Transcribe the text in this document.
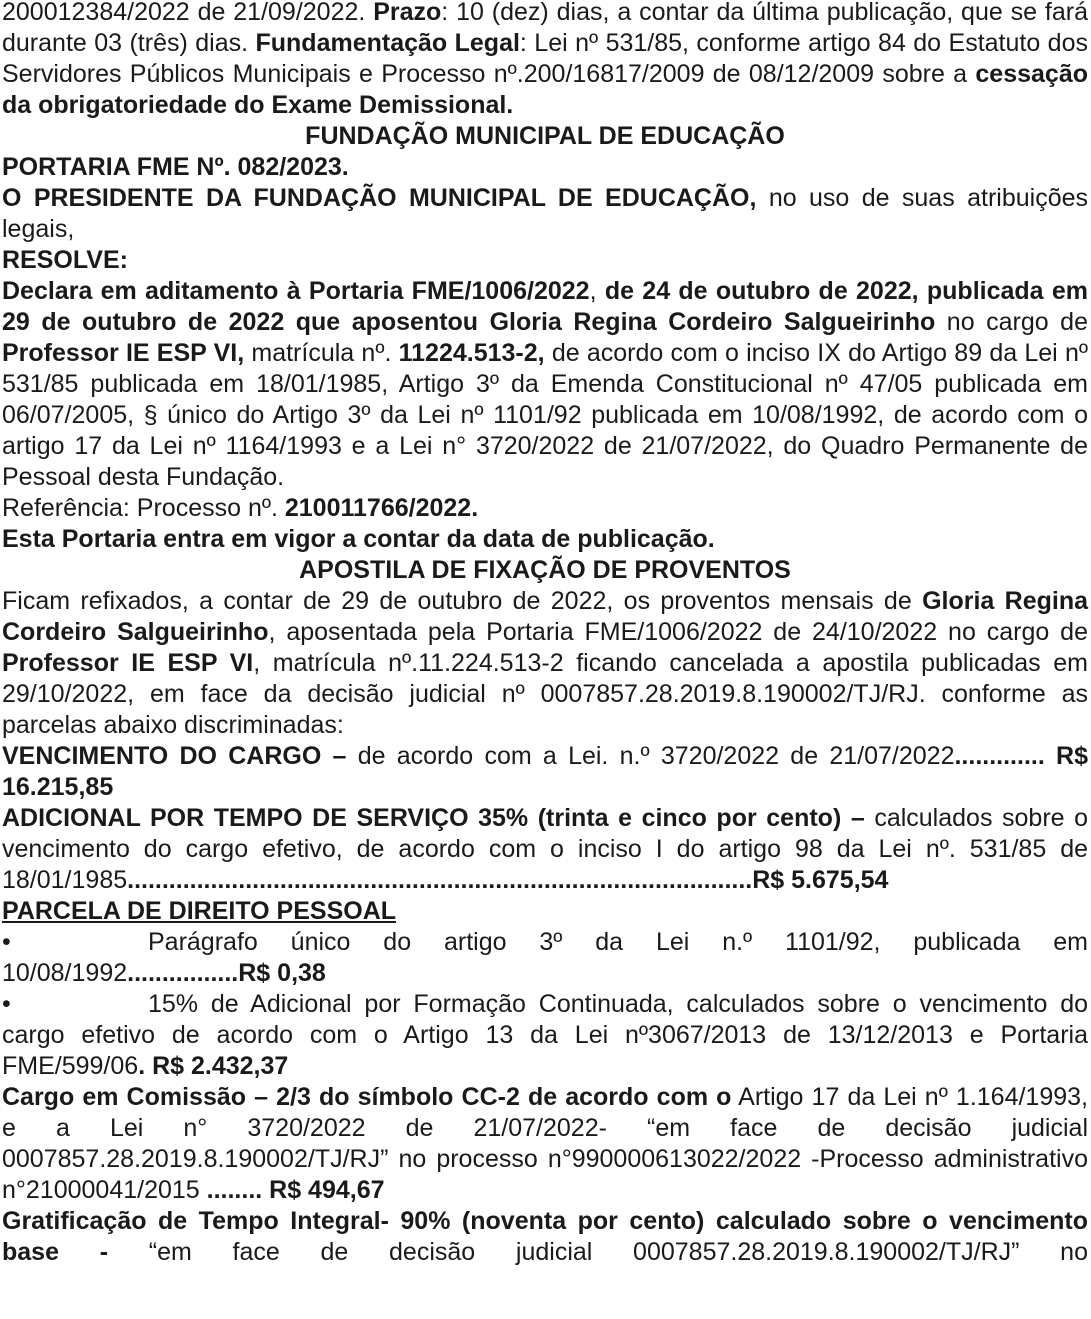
200012384/2022 de 21/09/2022. Prazo: 10 (dez) dias, a contar da última publicação, que se fará durante 03 (três) dias. Fundamentação Legal: Lei nº 531/85, conforme artigo 84 do Estatuto dos Servidores Públicos Municipais e Processo nº.200/16817/2009 de 08/12/2009 sobre a cessação da obrigatoriedade do Exame Demissional.

FUNDAÇÃO MUNICIPAL DE EDUCAÇÃO

PORTARIA FME Nº. 082/2023.

O PRESIDENTE DA FUNDAÇÃO MUNICIPAL DE EDUCAÇÃO, no uso de suas atribuições legais,

RESOLVE:

Declara em aditamento à Portaria FME/1006/2022, de 24 de outubro de 2022, publicada em 29 de outubro de 2022 que aposentou Gloria Regina Cordeiro Salgueirinho no cargo de Professor IE ESP VI, matrícula nº. 11224.513-2, de acordo com o inciso IX do Artigo 89 da Lei nº 531/85 publicada em 18/01/1985, Artigo 3º da Emenda Constitucional nº 47/05 publicada em 06/07/2005, § único do Artigo 3º da Lei nº 1101/92 publicada em 10/08/1992, de acordo com o artigo 17 da Lei nº 1164/1993 e a Lei n° 3720/2022 de 21/07/2022, do Quadro Permanente de Pessoal desta Fundação.

Referência: Processo nº. 210011766/2022.

Esta Portaria entra em vigor a contar da data de publicação.

APOSTILA DE FIXAÇÃO DE PROVENTOS

Ficam refixados, a contar de 29 de outubro de 2022, os proventos mensais de Gloria Regina Cordeiro Salgueirinho, aposentada pela Portaria FME/1006/2022 de 24/10/2022 no cargo de Professor IE ESP VI, matrícula nº.11.224.513-2 ficando cancelada a apostila publicadas em 29/10/2022, em face da decisão judicial nº 0007857.28.2019.8.190002/TJ/RJ. conforme as parcelas abaixo discriminadas:

VENCIMENTO DO CARGO – de acordo com a Lei. n.º 3720/2022 de 21/07/2022............. R$ 16.215,85

ADICIONAL POR TEMPO DE SERVIÇO 35% (trinta e cinco por cento) – calculados sobre o vencimento do cargo efetivo, de acordo com o inciso I do artigo 98 da Lei nº. 531/85 de 18/01/1985..........................................................................................R$ 5.675,54

PARCELA DE DIREITO PESSOAL

•	Parágrafo único do artigo 3º da Lei n.º 1101/92, publicada em 10/08/1992................R$ 0,38

•	15% de Adicional por Formação Continuada, calculados sobre o vencimento do cargo efetivo de acordo com o Artigo 13 da Lei nº3067/2013 de 13/12/2013 e Portaria FME/599/06. R$ 2.432,37

Cargo em Comissão – 2/3 do símbolo CC-2 de acordo com o Artigo 17 da Lei nº 1.164/1993, e a Lei n° 3720/2022 de 21/07/2022- “em face de decisão judicial 0007857.28.2019.8.190002/TJ/RJ” no processo n°990000613022/2022 -Processo administrativo n°21000041/2015 ........ R$ 494,67

Gratificação de Tempo Integral- 90% (noventa por cento) calculado sobre o vencimento base - “em face de decisão judicial 0007857.28.2019.8.190002/TJ/RJ” no
